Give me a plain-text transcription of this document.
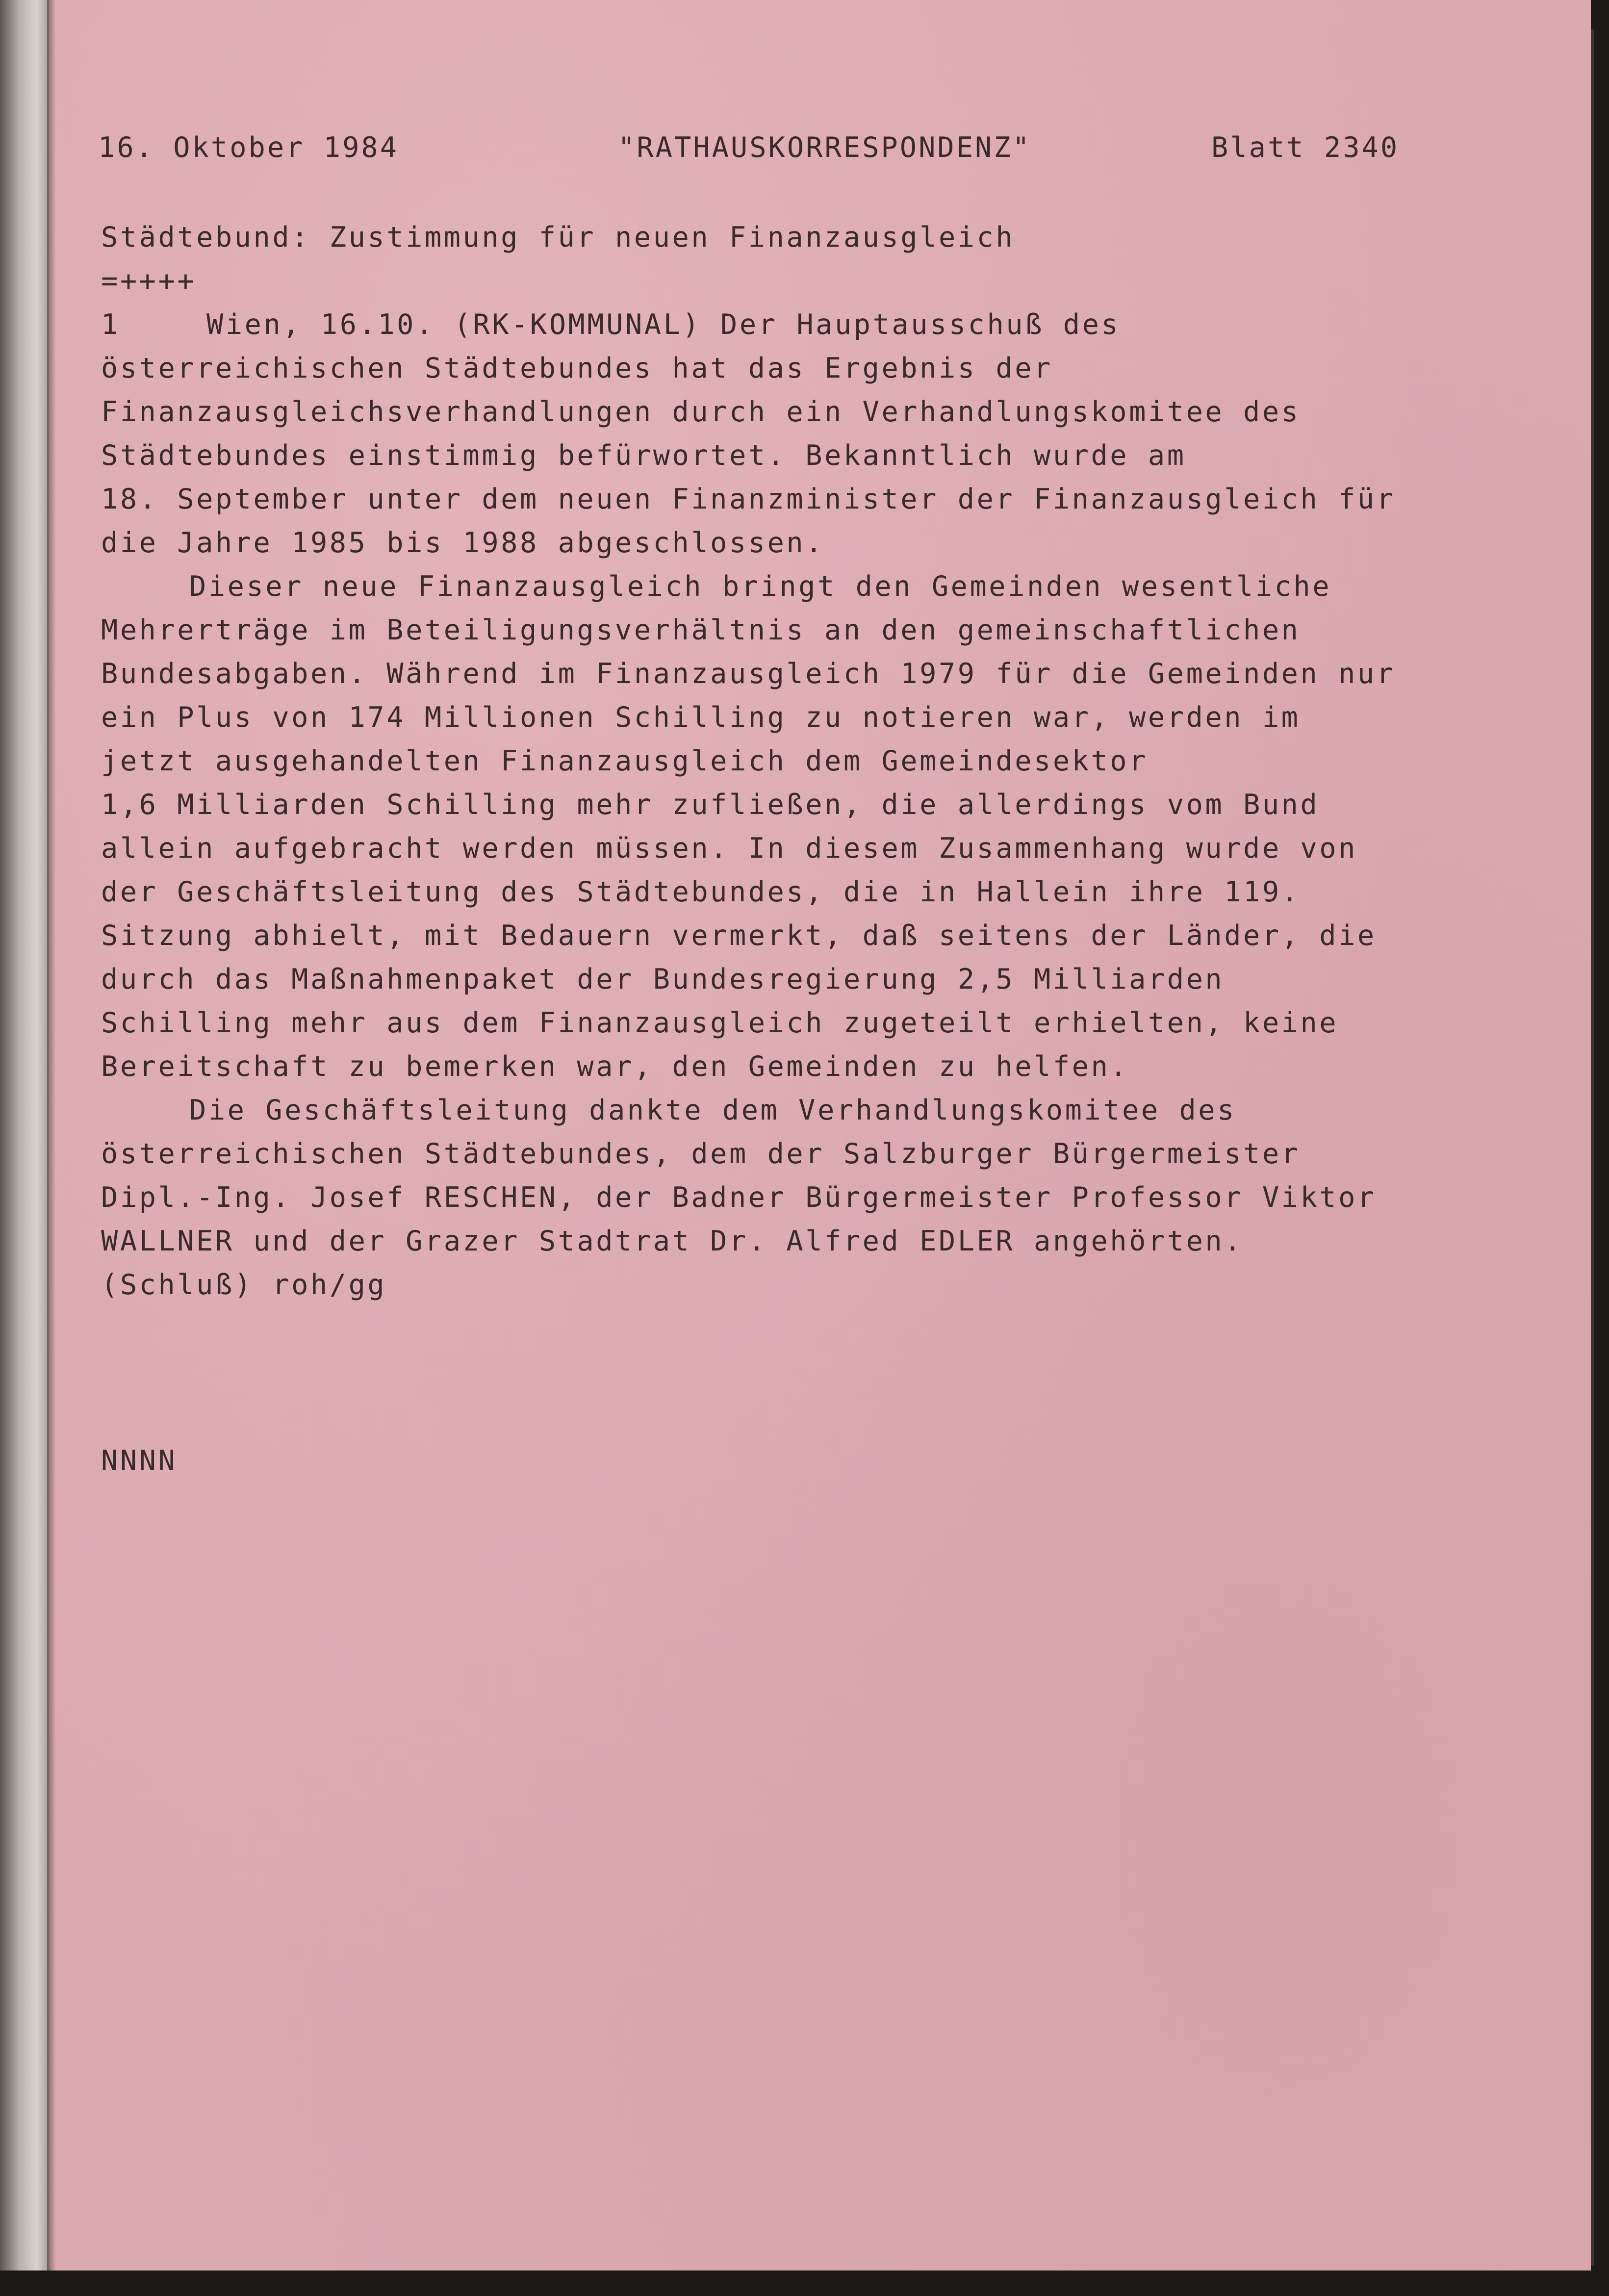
16. Oktober 1984	"RATHAUSKORRESPONDENZ"	Blatt 2340
Städtebund: Zustimmung für neuen Finanzausgleich
=++++
1	Wien, 16.10. (RK-KOMMUNAL) Der Hauptausschuß des
österreichischen Städtebundes hat das Ergebnis der
Finanzausgleichsverhandlungen durch ein Verhandlungskomitee des
Städtebundes einstimmig befürwortet. Bekanntlich wurde am
18. September unter dem neuen Finanzminister der Finanzausgleich für
die Jahre 1985 bis 1988 abgeschlossen.
Dieser neue Finanzausgleich bringt den Gemeinden wesentliche
Mehrerträge im Beteiligungsverhältnis an den gemeinschaftlichen
Bundesabgaben. Während im Finanzausgleich 1979 für die Gemeinden nur
ein Plus von 174 Millionen Schilling zu notieren war, werden im
jetzt ausgehandelten Finanzausgleich dem Gemeindesektor
1,6 Milliarden Schilling mehr zufließen, die allerdings vom Bund
allein aufgebracht werden müssen. In diesem Zusammenhang wurde von
der Geschäftsleitung des Städtebundes, die in Hallein ihre 119.
Sitzung abhielt, mit Bedauern vermerkt, daß seitens der Länder, die
durch das Maßnahmenpaket der Bundesregierung 2,5 Milliarden
Schilling mehr aus dem Finanzausgleich zugeteilt erhielten, keine
Bereitschaft zu bemerken war, den Gemeinden zu helfen.
Die Geschäftsleitung dankte dem Verhandlungskomitee des
österreichischen Städtebundes, dem der Salzburger Bürgermeister
Dipl.-Ing. Josef RESCHEN, der Badner Bürgermeister Professor Viktor
WALLNER und der Grazer Stadtrat Dr. Alfred EDLER angehörten.
(Schluß) roh/gg
NNNN
